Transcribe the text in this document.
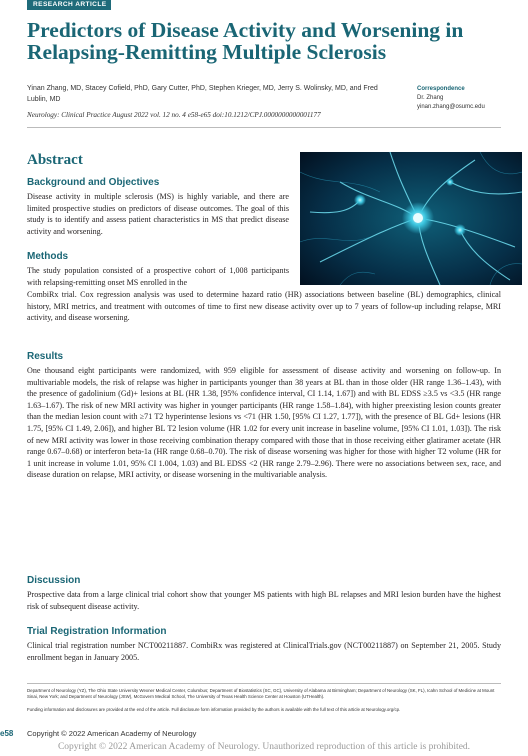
RESEARCH ARTICLE
Predictors of Disease Activity and Worsening in Relapsing-Remitting Multiple Sclerosis
Yinan Zhang, MD, Stacey Cofield, PhD, Gary Cutter, PhD, Stephen Krieger, MD, Jerry S. Wolinsky, MD, and Fred Lublin, MD
Neurology: Clinical Practice August 2022 vol. 12 no. 4 e58-e65 doi:10.1212/CPJ.0000000000001177
Correspondence
Dr. Zhang
yinan.zhang@osumc.edu
Abstract
Background and Objectives

Disease activity in multiple sclerosis (MS) is highly variable, and there are limited prospective studies on predictors of disease outcomes. The goal of this study is to identify and assess patient characteristics in MS that predict disease activity and worsening.

Methods

The study population consisted of a prospective cohort of 1,008 participants with relapsing-remitting onset MS enrolled in the

CombiRx trial. Cox regression analysis was used to determine hazard ratio (HR) associations between baseline (BL) demographics, clinical history, MRI metrics, and treatment with outcomes of time to first new disease activity over up to 7 years of follow-up including relapse, MRI activity, and disease worsening.

Results

One thousand eight participants were randomized, with 959 eligible for assessment of disease activity and worsening on follow-up. In multivariable models, the risk of relapse was higher in participants younger than 38 years at BL than in those older (HR range 1.36–1.43), with the presence of gadolinium (Gd)+ lesions at BL (HR 1.38, [95% confidence interval, CI 1.14, 1.67]) and with BL EDSS ≥3.5 vs <3.5 (HR range 1.63–1.67). The risk of new MRI activity was higher in younger participants (HR range 1.58–1.84), with higher preexisting lesion counts greater than the median lesion count with ≥71 T2 hyperintense lesions vs <71 (HR 1.50, [95% CI 1.27, 1.77]), with the presence of BL Gd+ lesions (HR 1.75, [95% CI 1.49, 2.06]), and higher BL T2 lesion volume (HR 1.02 for every unit increase in baseline volume, [95% CI 1.01, 1.03]). The risk of new MRI activity was lower in those receiving combination therapy compared with those that in those receiving either glatiramer acetate (HR range 0.67–0.68) or interferon beta-1a (HR range 0.68–0.70). The risk of disease worsening was higher for those with higher T2 volume (HR for 1 unit increase in volume 1.01, 95% CI 1.004, 1.03) and BL EDSS <2 (HR range 2.79–2.96). There were no associations between sex, race, and disease duration on relapse, MRI activity, or disease worsening in the multivariable analysis.

Discussion

Prospective data from a large clinical trial cohort show that younger MS patients with high BL relapses and MRI lesion burden have the highest risk of subsequent disease activity.

Trial Registration Information

Clinical trial registration number NCT00211887. CombiRx was registered at ClinicalTrials.gov (NCT00211887) on September 21, 2005. Study enrollment began in January 2005.

Department of Neurology (YZ), The Ohio State University Wexner Medical Center, Columbus; Department of Biostatistics (SC, GC), University of Alabama at Birmingham; Department of Neurology (SK, FL), Icahn School of Medicine at Mount Sinai, New York; and Department of Neurology (JSW), McGovern Medical School, The University of Texas Health Science Center at Houston (UTHealth).
Funding information and disclosures are provided at the end of the article. Full disclosure form information provided by the authors is available with the full text of this article at Neurology.org/cp.
e58 Copyright © 2022 American Academy of Neurology
Copyright © 2022 American Academy of Neurology. Unauthorized reproduction of this article is prohibited.
